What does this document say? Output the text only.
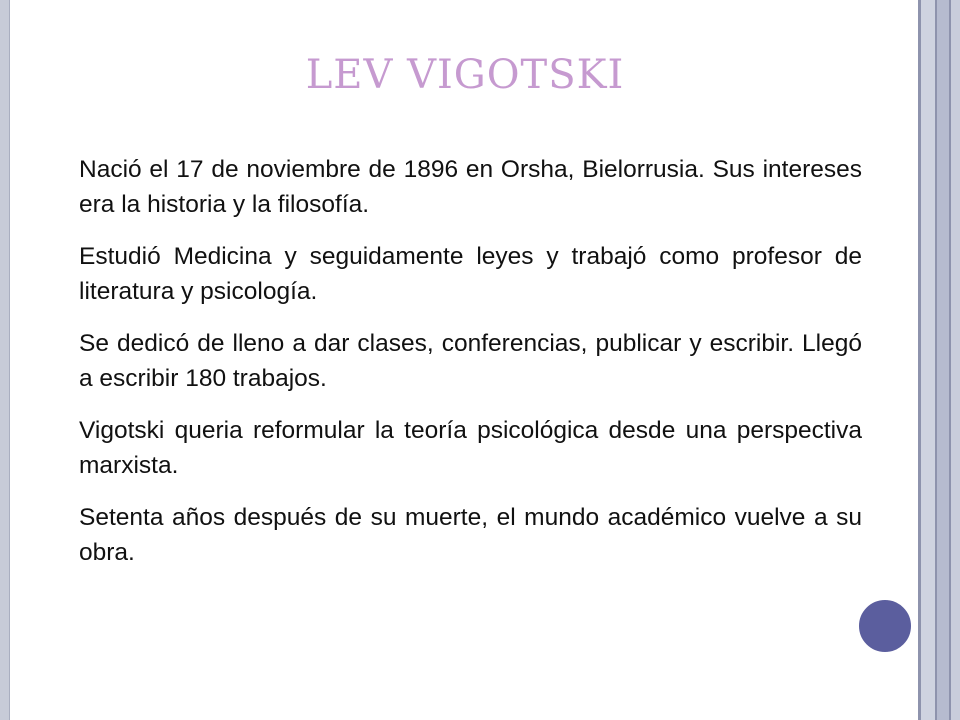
LEV VIGOTSKI

Nació el 17 de noviembre de 1896 en Orsha, Bielorrusia. Sus intereses era la historia y la filosofía.

Estudió Medicina y seguidamente leyes y trabajó como profesor de literatura y psicología.

Se dedicó de lleno a dar clases, conferencias, publicar y escribir. Llegó a escribir 180 trabajos.

Vigotski queria reformular la teoría psicológica desde una perspectiva marxista.

Setenta años después de su muerte, el mundo académico vuelve a su obra.
